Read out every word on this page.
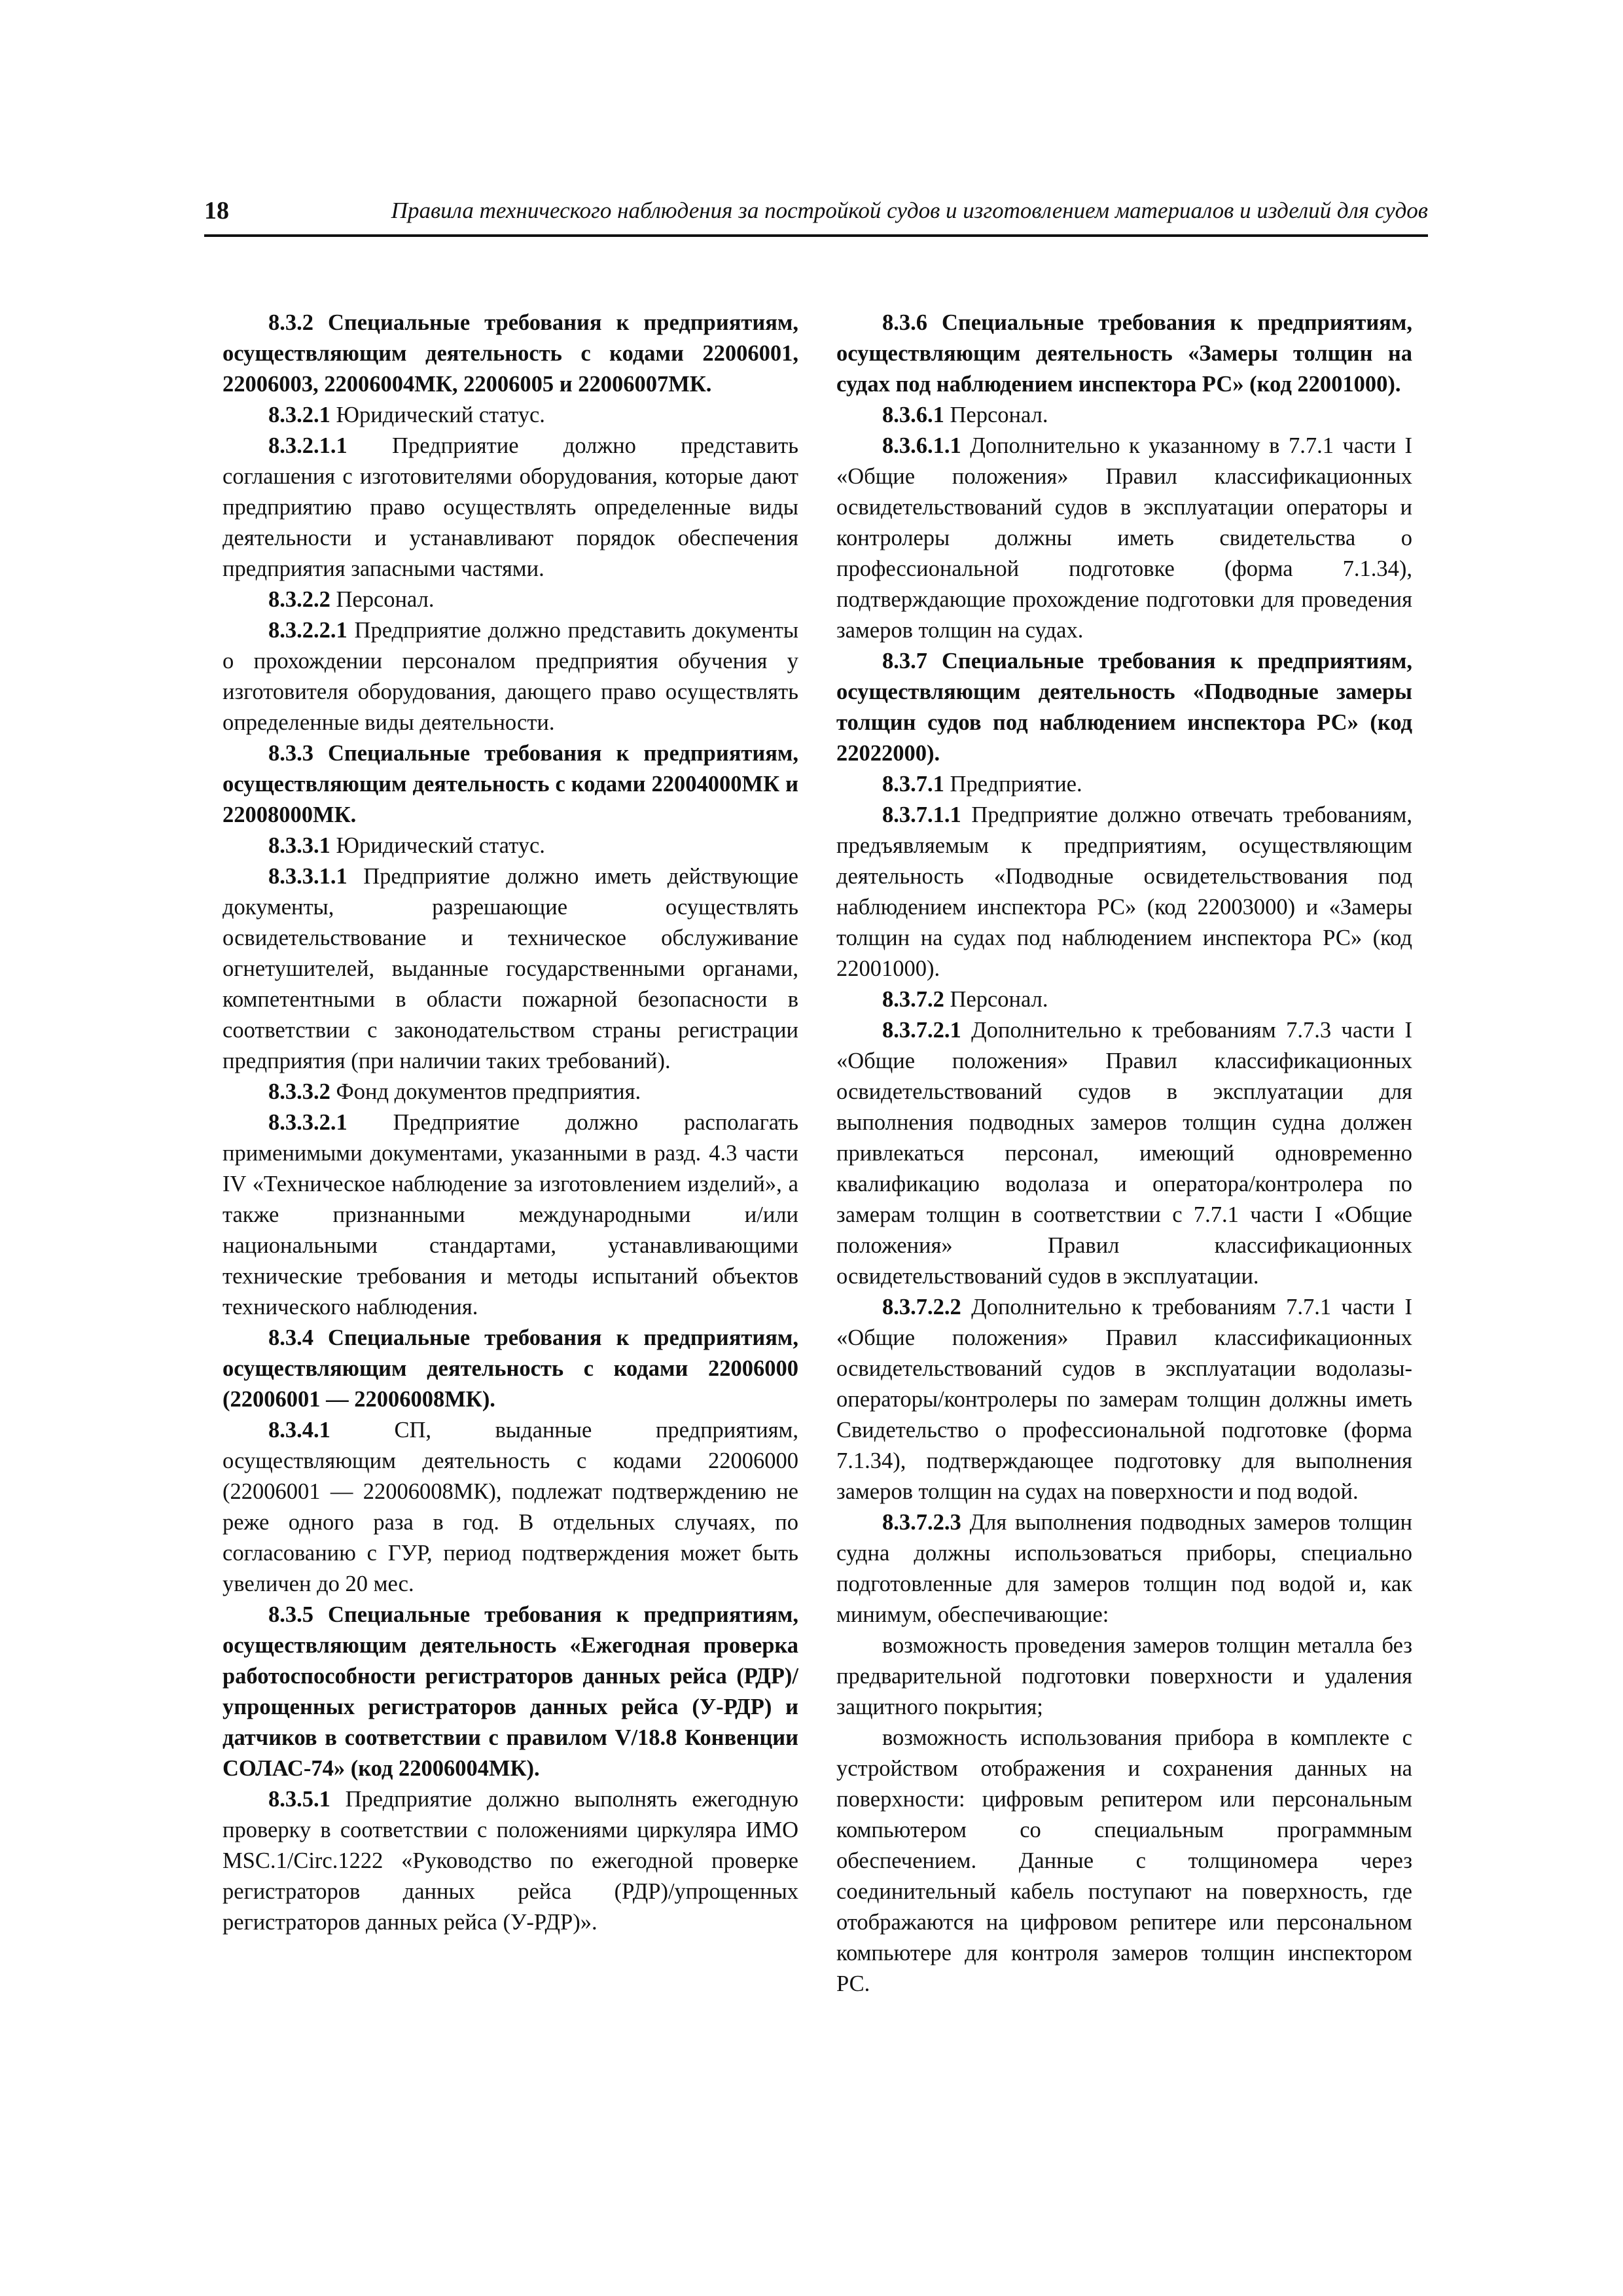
18	Правила технического наблюдения за постройкой судов и изготовлением материалов и изделий для судов

8.3.2 Специальные требования к предприятиям, осуществляющим деятельность с кодами 22006001, 22006003, 22006004МК, 22006005 и 22006007МК.

8.3.2.1 Юридический статус.

8.3.2.1.1 Предприятие должно представить соглашения с изготовителями оборудования, которые дают предприятию право осуществлять определенные виды деятельности и устанавливают порядок обеспечения предприятия запасными частями.

8.3.2.2 Персонал.

8.3.2.2.1 Предприятие должно представить документы о прохождении персоналом предприятия обучения у изготовителя оборудования, дающего право осуществлять определенные виды деятельности.

8.3.3 Специальные требования к предприятиям, осуществляющим деятельность с кодами 22004000МК и 22008000МК.

8.3.3.1 Юридический статус.

8.3.3.1.1 Предприятие должно иметь действующие документы, разрешающие осуществлять освидетельствование и техническое обслуживание огнетушителей, выданные государственными органами, компетентными в области пожарной безопасности в соответствии с законодательством страны регистрации предприятия (при наличии таких требований).

8.3.3.2 Фонд документов предприятия.

8.3.3.2.1 Предприятие должно располагать применимыми документами, указанными в разд. 4.3 части IV «Техническое наблюдение за изготовлением изделий», а также признанными международными и/или национальными стандартами, устанавливающими технические требования и методы испытаний объектов технического наблюдения.

8.3.4 Специальные требования к предприятиям, осуществляющим деятельность с кодами 22006000 (22006001 — 22006008МК).

8.3.4.1 СП, выданные предприятиям, осуществляющим деятельность с кодами 22006000 (22006001 — 22006008МК), подлежат подтверждению не реже одного раза в год. В отдельных случаях, по согласованию с ГУР, период подтверждения может быть увеличен до 20 мес.

8.3.5 Специальные требования к предприятиям, осуществляющим деятельность «Ежегодная проверка работоспособности регистраторов данных рейса (РДР)/упрощенных регистраторов данных рейса (У-РДР) и датчиков в соответствии с правилом V/18.8 Конвенции СОЛАС-74» (код 22006004МК).

8.3.5.1 Предприятие должно выполнять ежегодную проверку в соответствии с положениями циркуляра ИМО MSC.1/Circ.1222 «Руководство по ежегодной проверке регистраторов данных рейса (РДР)/упрощенных регистраторов данных рейса (У-РДР)».

8.3.6 Специальные требования к предприятиям, осуществляющим деятельность «Замеры толщин на судах под наблюдением инспектора РС» (код 22001000).

8.3.6.1 Персонал.

8.3.6.1.1 Дополнительно к указанному в 7.7.1 части I «Общие положения» Правил классификационных освидетельствований судов в эксплуатации операторы и контролеры должны иметь свидетельства о профессиональной подготовке (форма 7.1.34), подтверждающие прохождение подготовки для проведения замеров толщин на судах.

8.3.7 Специальные требования к предприятиям, осуществляющим деятельность «Подводные замеры толщин судов под наблюдением инспектора РС» (код 22022000).

8.3.7.1 Предприятие.

8.3.7.1.1 Предприятие должно отвечать требованиям, предъявляемым к предприятиям, осуществляющим деятельность «Подводные освидетельствования под наблюдением инспектора РС» (код 22003000) и «Замеры толщин на судах под наблюдением инспектора РС» (код 22001000).

8.3.7.2 Персонал.

8.3.7.2.1 Дополнительно к требованиям 7.7.3 части I «Общие положения» Правил классификационных освидетельствований судов в эксплуатации для выполнения подводных замеров толщин судна должен привлекаться персонал, имеющий одновременно квалификацию водолаза и оператора/контролера по замерам толщин в соответствии с 7.7.1 части I «Общие положения» Правил классификационных освидетельствований судов в эксплуатации.

8.3.7.2.2 Дополнительно к требованиям 7.7.1 части I «Общие положения» Правил классификационных освидетельствований судов в эксплуатации водолазы-операторы/контролеры по замерам толщин должны иметь Свидетельство о профессиональной подготовке (форма 7.1.34), подтверждающее подготовку для выполнения замеров толщин на судах на поверхности и под водой.

8.3.7.2.3 Для выполнения подводных замеров толщин судна должны использоваться приборы, специально подготовленные для замеров толщин под водой и, как минимум, обеспечивающие:

возможность проведения замеров толщин металла без предварительной подготовки поверхности и удаления защитного покрытия;

возможность использования прибора в комплекте с устройством отображения и сохранения данных на поверхности: цифровым репитером или персональным компьютером со специальным программным обеспечением. Данные с толщиномера через соединительный кабель поступают на поверхность, где отображаются на цифровом репитере или персональном компьютере для контроля замеров толщин инспектором РС.
